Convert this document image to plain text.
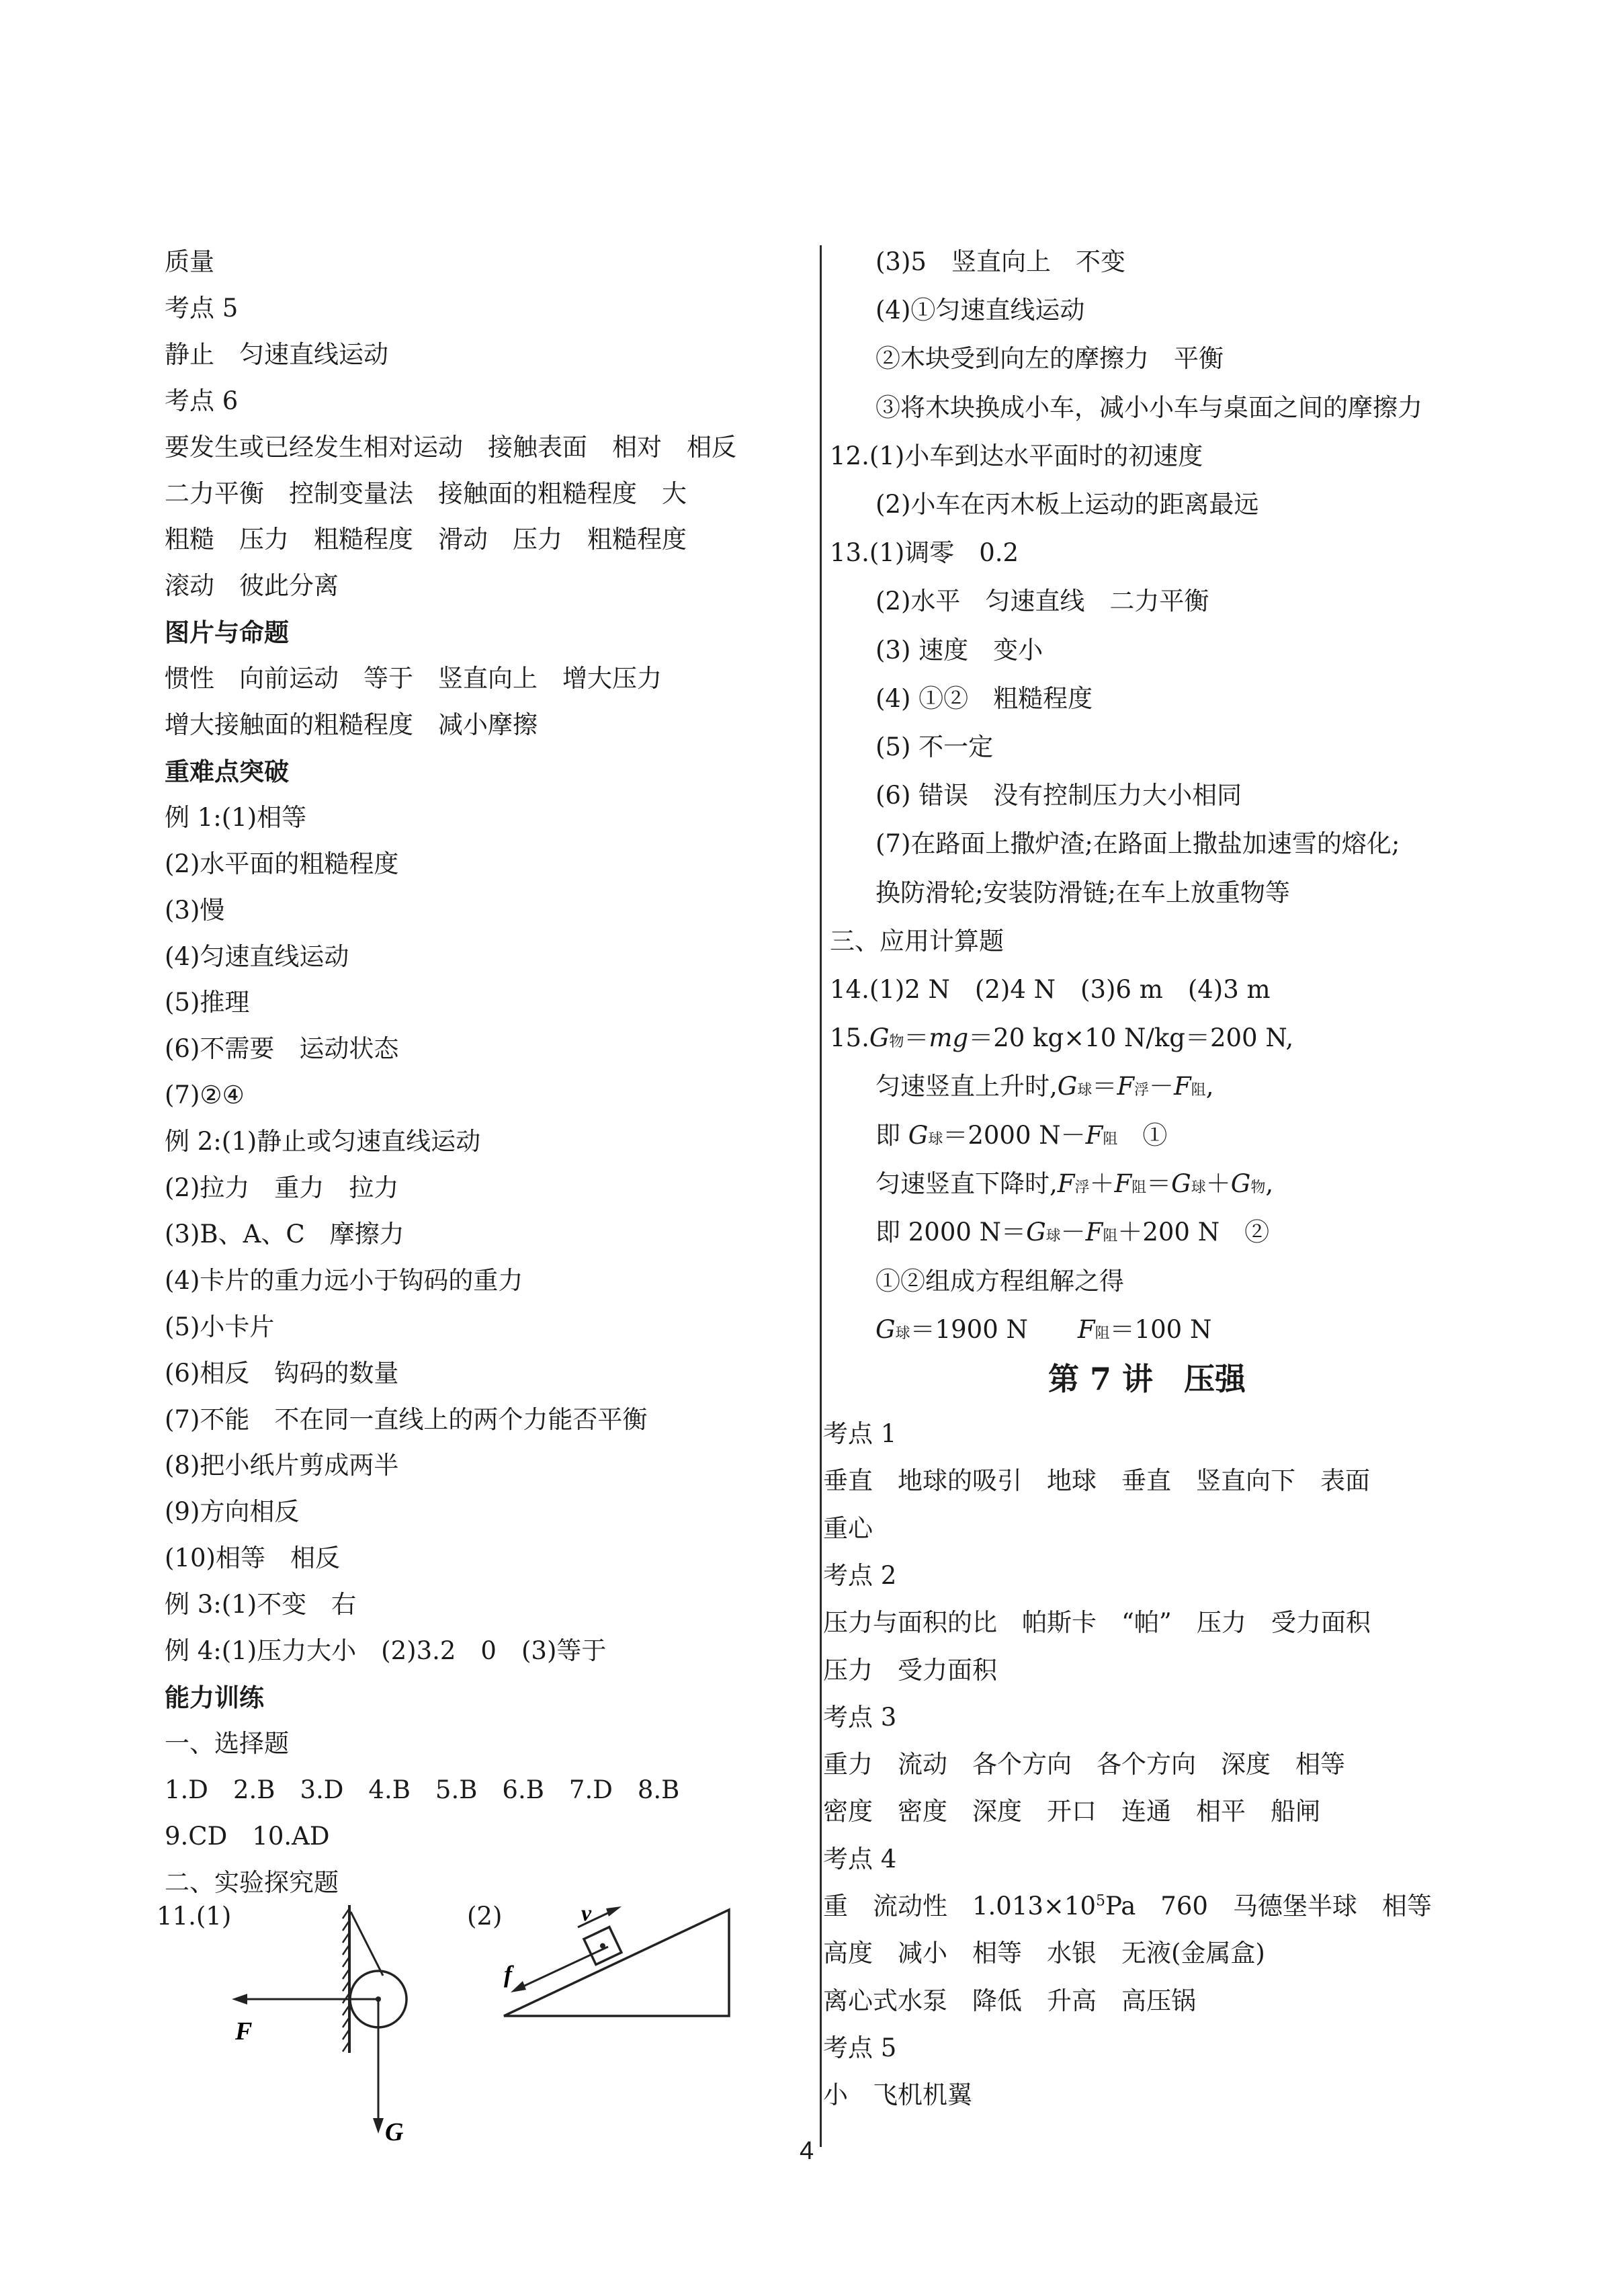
质量
考点 5
静止　匀速直线运动
考点 6
要发生或已经发生相对运动　接触表面　相对　相反
二力平衡　控制变量法　接触面的粗糙程度　大
粗糙　压力　粗糙程度　滑动　压力　粗糙程度
滚动　彼此分离
图片与命题
惯性　向前运动　等于　竖直向上　增大压力
增大接触面的粗糙程度　减小摩擦
重难点突破
例 1:(1)相等
(2)水平面的粗糙程度
(3)慢
(4)匀速直线运动
(5)推理
(6)不需要　运动状态
(7)②④
例 2:(1)静止或匀速直线运动
(2)拉力　重力　拉力
(3)B、A、C　摩擦力
(4)卡片的重力远小于钩码的重力
(5)小卡片
(6)相反　钩码的数量
(7)不能　不在同一直线上的两个力能否平衡
(8)把小纸片剪成两半
(9)方向相反
(10)相等　相反
例 3:(1)不变　右
例 4:(1)压力大小　(2)3.2　0　(3)等于
能力训练
一、选择题
1.D　2.B　3.D　4.B　5.B　6.B　7.D　8.B
9.CD　10.AD
二、实验探究题
(3)5　竖直向上　不变
(4)①匀速直线运动
②木块受到向左的摩擦力　平衡
③将木块换成小车，减小小车与桌面之间的摩擦力
12.(1)小车到达水平面时的初速度
(2)小车在丙木板上运动的距离最远
13.(1)调零　0.2
(2)水平　匀速直线　二力平衡
(3) 速度　变小
(4) ①②　粗糙程度
(5) 不一定
(6) 错误　没有控制压力大小相同
(7)在路面上撒炉渣;在路面上撒盐加速雪的熔化;
换防滑轮;安装防滑链;在车上放重物等
三、应用计算题
14.(1)2 N　(2)4 N　(3)6 m　(4)3 m
15.G物＝mg＝20 kg×10 N/kg＝200 N,
匀速竖直上升时,G球＝F浮－F阻,
即 G球＝2000 N－F阻　①
匀速竖直下降时,F浮＋F阻＝G球＋G物,
即 2000 N＝G球－F阻＋200 N　②
①②组成方程组解之得
G球＝1900 N　　F阻＝100 N
第 7 讲　压强
考点 1
垂直　地球的吸引　地球　垂直　竖直向下　表面
重心
考点 2
压力与面积的比　帕斯卡　“帕”　压力　受力面积
压力　受力面积
考点 3
重力　流动　各个方向　各个方向　深度　相等
密度　密度　深度　开口　连通　相平　船闸
考点 4
重　流动性　$1.013\times 10^5Pa$　760　马德堡半球　相等
高度　减小　相等　水银　无液(金属盒)
离心式水泵　降低　升高　高压锅
考点 5
小　飞机机翼
11.(1)	(2)
F
G
v
f
4
